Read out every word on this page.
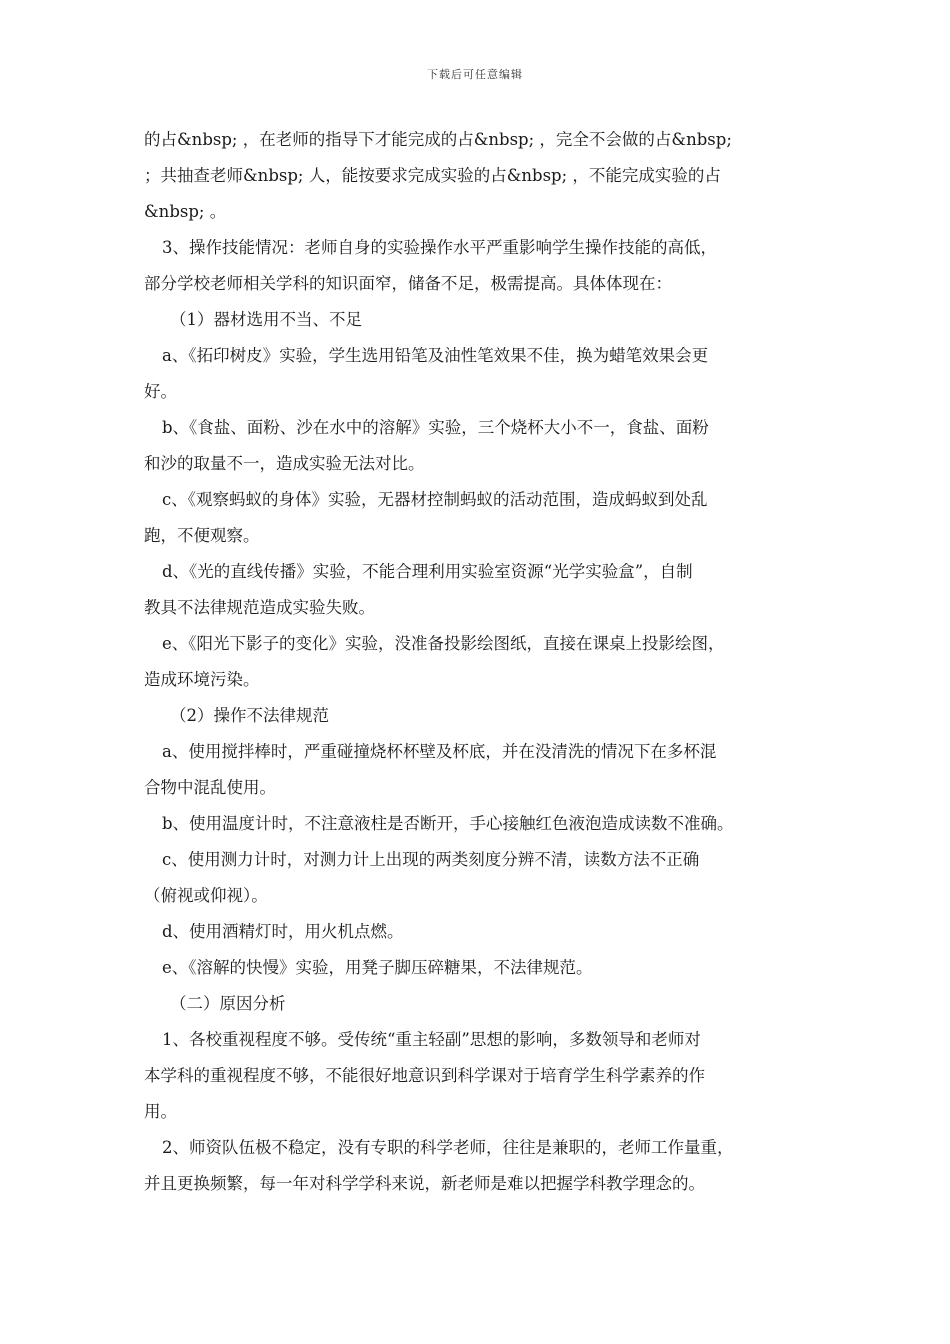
下载后可任意编辑
的占&nbsp; ，在老师的指导下才能完成的占&nbsp; ，完全不会做的占&nbsp;
；共抽查老师&nbsp; 人，能按要求完成实验的占&nbsp; ，不能完成实验的占
&nbsp; 。
3、操作技能情况：老师自身的实验操作水平严重影响学生操作技能的高低，
部分学校老师相关学科的知识面窄，储备不足，极需提高。具体体现在：
（1）器材选用不当、不足
a、《拓印树皮》实验，学生选用铅笔及油性笔效果不佳，换为蜡笔效果会更
好。
b、《食盐、面粉、沙在水中的溶解》实验，三个烧杯大小不一，食盐、面粉
和沙的取量不一，造成实验无法对比。
c、《观察蚂蚁的身体》实验，无器材控制蚂蚁的活动范围，造成蚂蚁到处乱
跑，不便观察。
d、《光的直线传播》实验，不能合理利用实验室资源“光学实验盒”，自制
教具不法律规范造成实验失败。
e、《阳光下影子的变化》实验，没准备投影绘图纸，直接在课桌上投影绘图，
造成环境污染。
（2）操作不法律规范
a、使用搅拌棒时，严重碰撞烧杯杯壁及杯底，并在没清洗的情况下在多杯混
合物中混乱使用。
b、使用温度计时，不注意液柱是否断开，手心接触红色液泡造成读数不准确。
c、使用测力计时，对测力计上出现的两类刻度分辨不清，读数方法不正确
（俯视或仰视）。
d、使用酒精灯时，用火机点燃。
e、《溶解的快慢》实验，用凳子脚压碎糖果，不法律规范。
（二）原因分析
1、各校重视程度不够。受传统“重主轻副”思想的影响，多数领导和老师对
本学科的重视程度不够，不能很好地意识到科学课对于培育学生科学素养的作
用。
2、师资队伍极不稳定，没有专职的科学老师，往往是兼职的，老师工作量重，
并且更换频繁，每一年对科学学科来说，新老师是难以把握学科教学理念的。
